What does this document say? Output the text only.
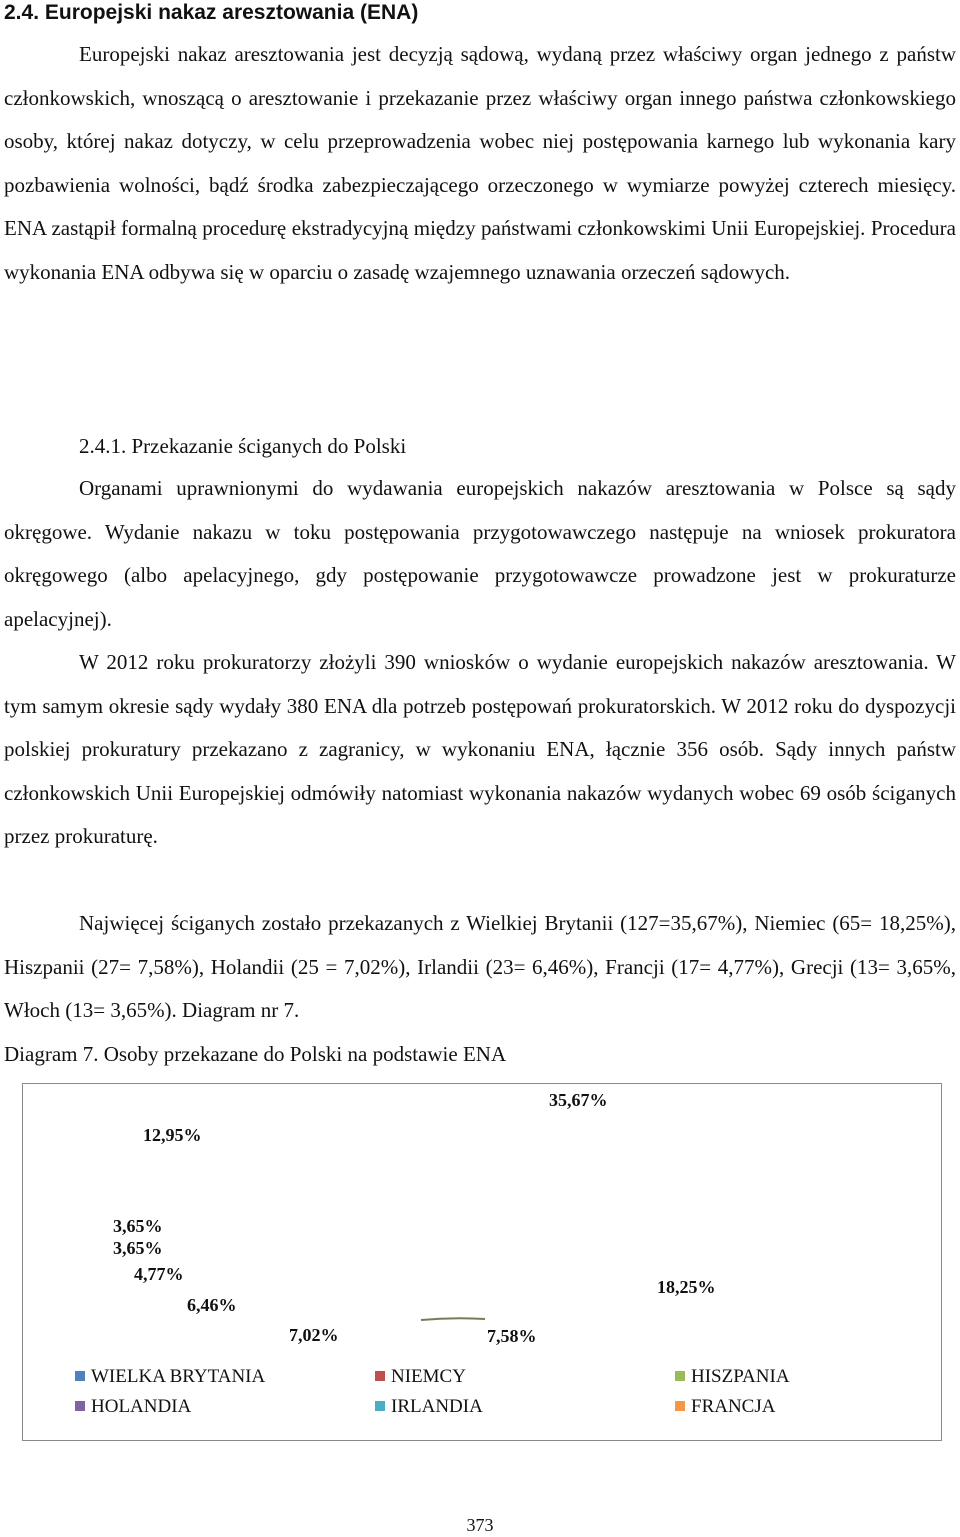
2.4. Europejski nakaz aresztowania (ENA)

Europejski nakaz aresztowania jest decyzją sądową, wydaną przez właściwy organ jednego z państw członkowskich, wnoszącą o aresztowanie i przekazanie przez właściwy organ innego państwa członkowskiego osoby, której nakaz dotyczy, w celu przeprowadzenia wobec niej postępowania karnego lub wykonania kary pozbawienia wolności, bądź środka zabezpieczającego orzeczonego w wymiarze powyżej czterech miesięcy. ENA zastąpił formalną procedurę ekstradycyjną między państwami członkowskimi Unii Europejskiej. Procedura wykonania ENA odbywa się w oparciu o zasadę wzajemnego uznawania orzeczeń sądowych.

2.4.1. Przekazanie ściganych do Polski

Organami uprawnionymi do wydawania europejskich nakazów aresztowania w Polsce są sądy okręgowe. Wydanie nakazu w toku postępowania przygotowawczego następuje na wniosek prokuratora okręgowego (albo apelacyjnego, gdy postępowanie przygotowawcze prowadzone jest w prokuraturze apelacyjnej).

W 2012 roku prokuratorzy złożyli 390 wniosków o wydanie europejskich nakazów aresztowania. W tym samym okresie sądy wydały 380 ENA dla potrzeb postępowań prokuratorskich. W 2012 roku do dyspozycji polskiej prokuratury przekazano z zagranicy, w wykonaniu ENA, łącznie 356 osób. Sądy innych państw członkowskich Unii Europejskiej odmówiły natomiast wykonania nakazów wydanych wobec 69 osób ściganych przez prokuraturę.

Najwięcej ściganych zostało przekazanych z Wielkiej Brytanii (127=35,67%), Niemiec (65= 18,25%), Hiszpanii (27= 7,58%), Holandii (25 = 7,02%), Irlandii (23= 6,46%), Francji (17= 4,77%), Grecji (13= 3,65%, Włoch (13= 3,65%). Diagram nr 7.

Diagram 7. Osoby przekazane do Polski na podstawie ENA
35,67%
18,25%
7,58%
7,02%
6,46%
4,77%
3,65%
3,65%
12,95%
WIELKA BRYTANIA	NIEMCY	HISZPANIA
HOLANDIA	IRLANDIA	FRANCJA
373
